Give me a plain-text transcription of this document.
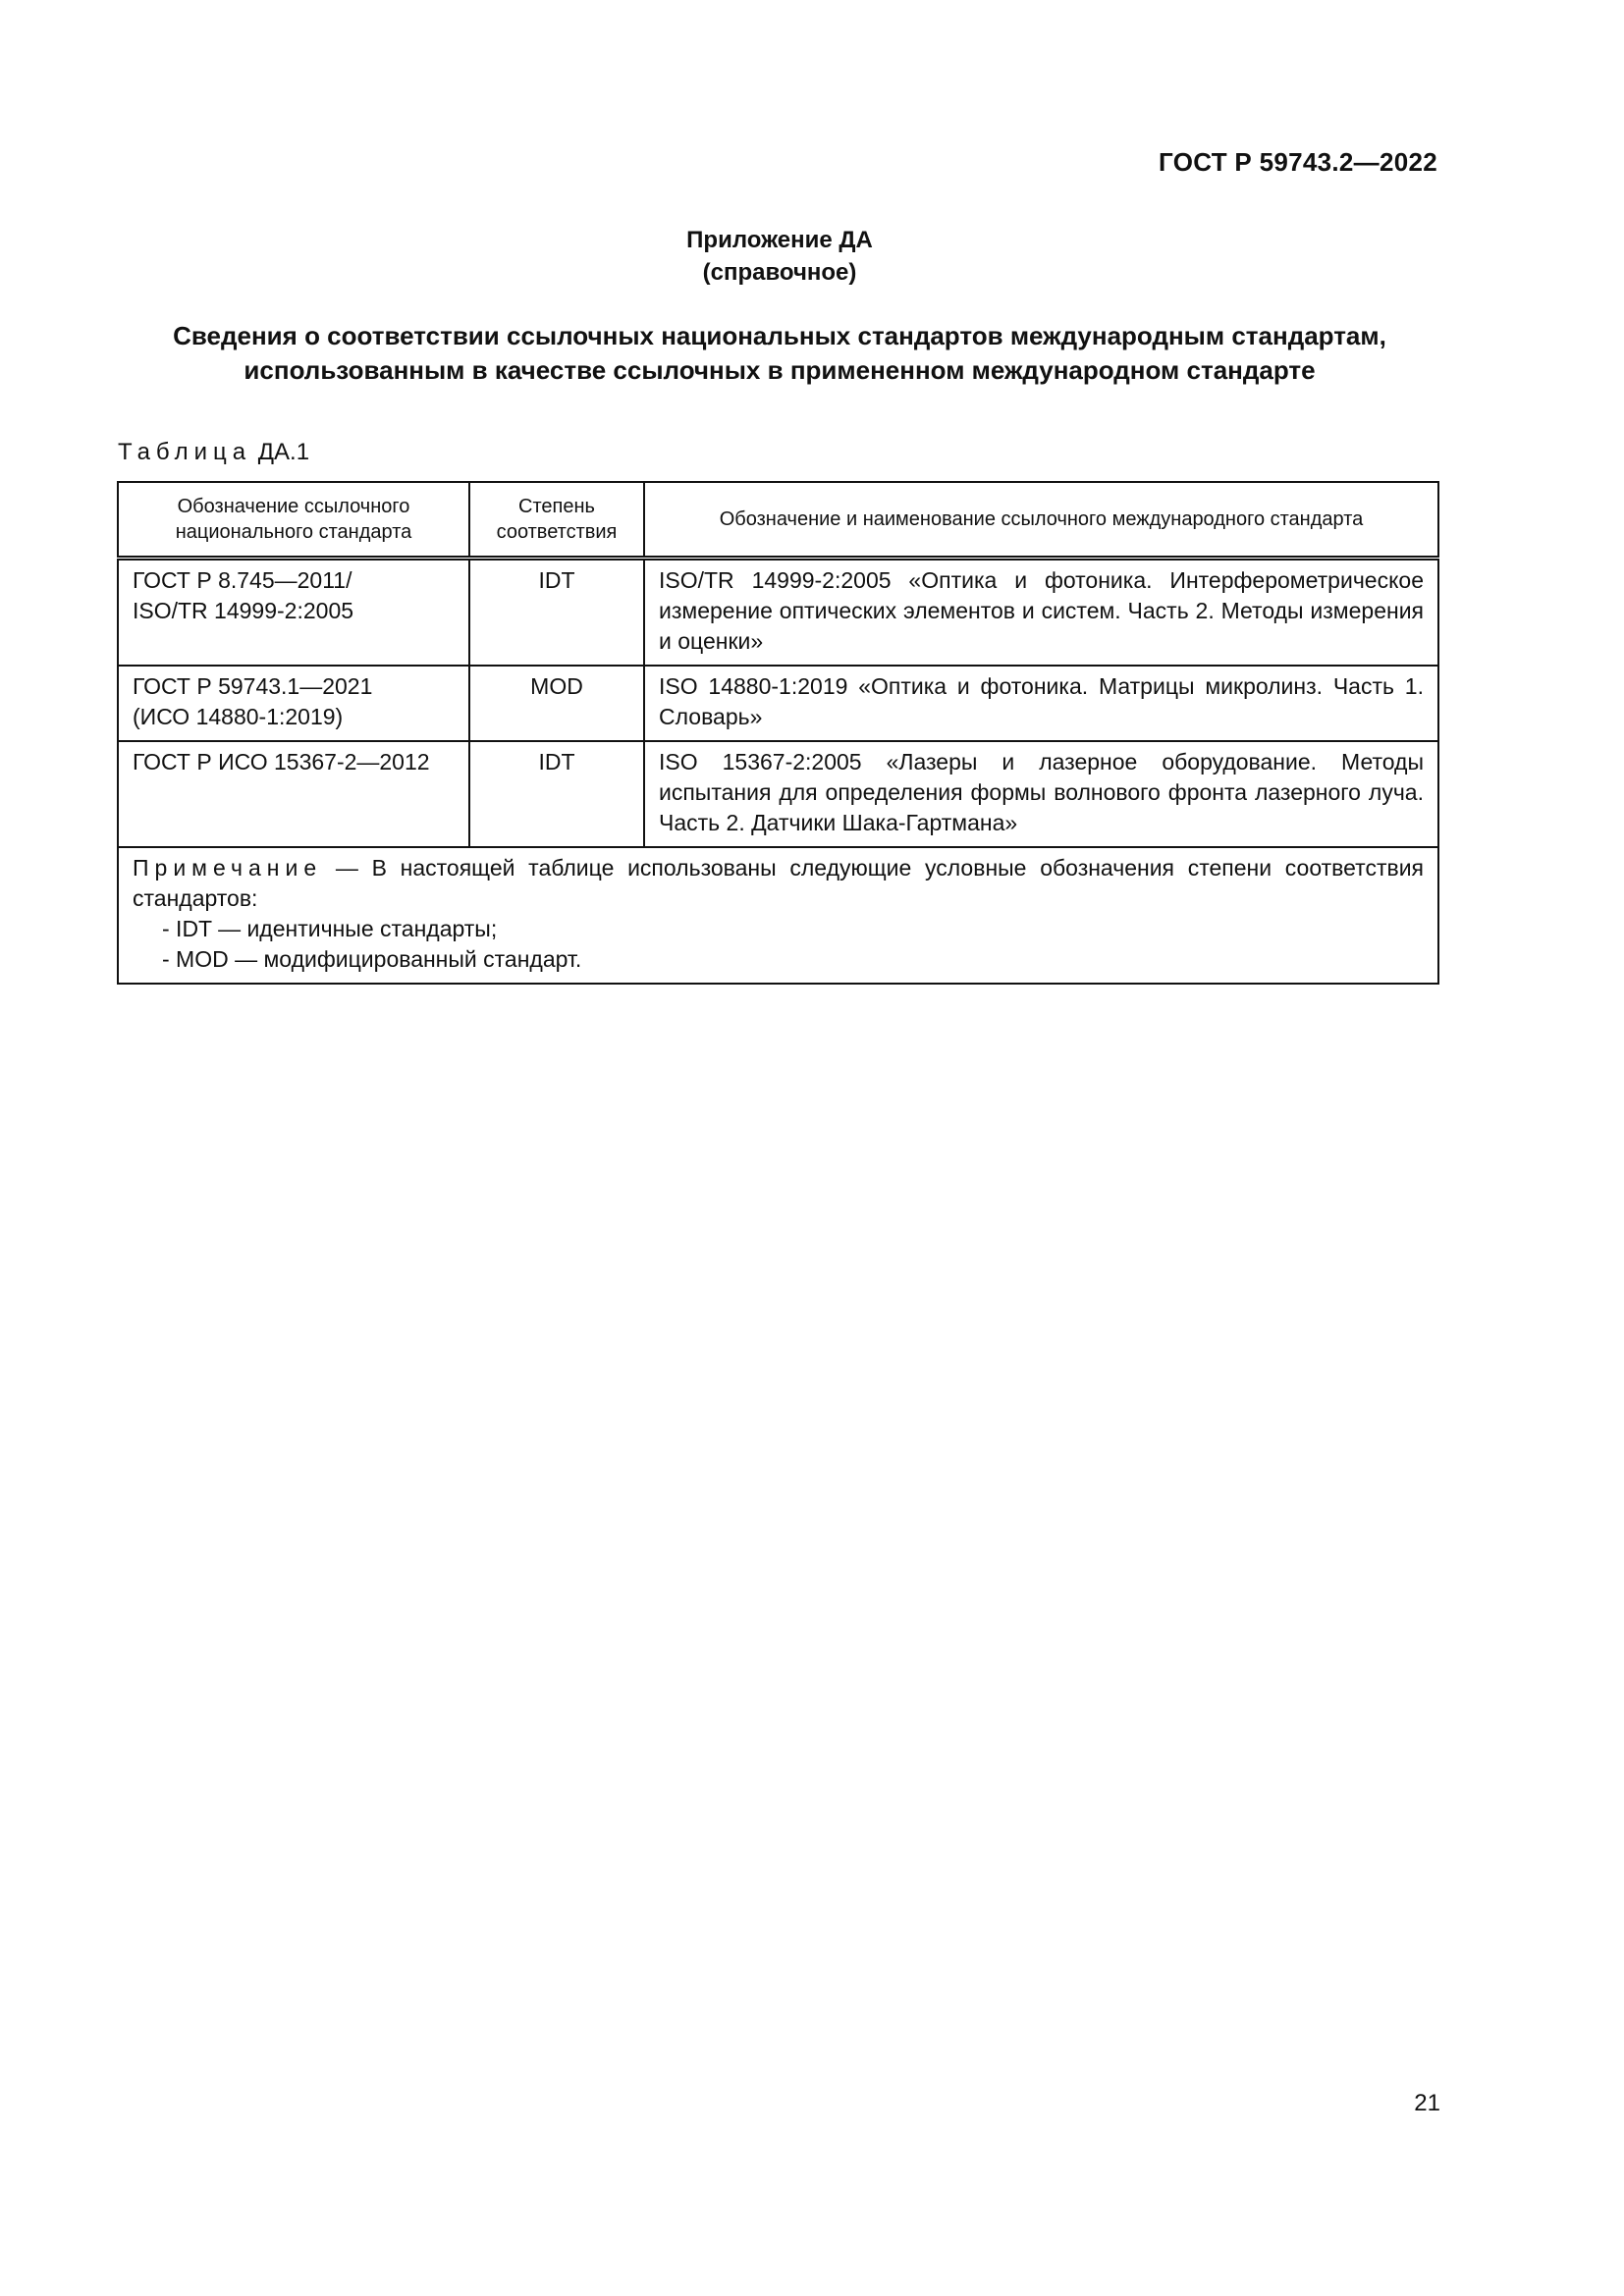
ГОСТ Р 59743.2—2022
Приложение ДА
(справочное)
Сведения о соответствии ссылочных национальных стандартов международным стандартам,
использованным в качестве ссылочных в примененном международном стандарте
Таблица ДА.1
Обозначение ссылочного национального стандарта	Степень соответствия	Обозначение и наименование ссылочного международного стандарта

ГОСТ Р 8.745—2011/
ISO/TR 14999-2:2005	IDT	ISO/TR 14999-2:2005 «Оптика и фотоника. Интерферометрическое измерение оптических элементов и систем. Часть 2. Методы измерения и оценки»

ГОСТ Р 59743.1—2021
(ИСО 14880-1:2019)	MOD	ISO 14880-1:2019 «Оптика и фотоника. Матрицы микролинз. Часть 1. Словарь»

ГОСТ Р ИСО 15367-2—2012	IDT	ISO 15367-2:2005 «Лазеры и лазерное оборудование. Методы испытания для определения формы волнового фронта лазерного луча. Часть 2. Датчики Шака-Гартмана»
Примечание — В настоящей таблице использованы следующие условные обозначения степени соответствия стандартов:
- IDT — идентичные стандарты;
- MOD — модифицированный стандарт.		
21
